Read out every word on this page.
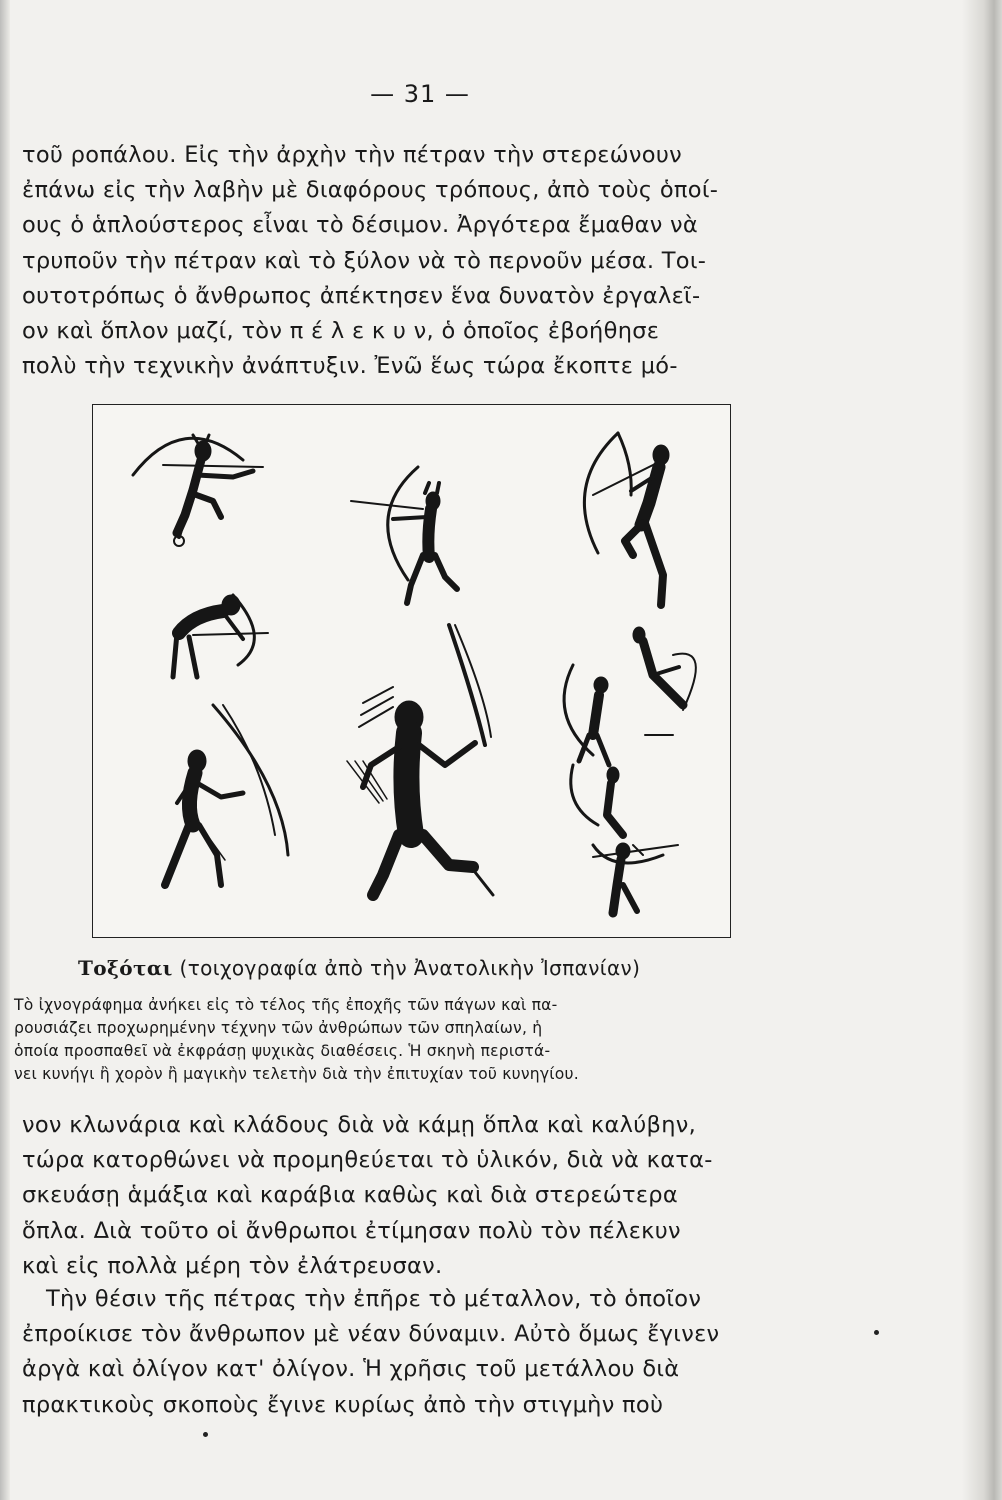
— 31 —
τοῦ ροπάλου. Εἰς τὴν ἀρχὴν τὴν πέτραν τὴν στερεώνουν
ἐπάνω εἰς τὴν λαβὴν μὲ διαφόρους τρόπους, ἀπὸ τοὺς ὁποί-
ους ὁ ἁπλούστερος εἶναι τὸ δέσιμον. Ἀργότερα ἔμαθαν νὰ
τρυποῦν τὴν πέτραν καὶ τὸ ξύλον νὰ τὸ περνοῦν μέσα. Τοι-
ουτοτρόπως ὁ ἄνθρωπος ἀπέκτησεν ἕνα δυνατὸν ἐργαλεῖ-
ον καὶ ὅπλον μαζί, τὸν π έ λ ε κ υ ν, ὁ ὁποῖος ἐβοήθησε
πολὺ τὴν τεχνικὴν ἀνάπτυξιν. Ἐνῶ ἕως τώρα ἔκοπτε μό-
Τοξόται (τοιχογραφία ἀπὸ τὴν Ἀνατολικὴν Ἰσπανίαν)
Τὸ ἰχνογράφημα ἀνήκει εἰς τὸ τέλος τῆς ἐποχῆς τῶν πάγων καὶ πα-
ρουσιάζει προχωρημένην τέχνην τῶν ἀνθρώπων τῶν σπηλαίων, ἡ
ὁποία προσπαθεῖ νὰ ἐκφράσῃ ψυχικὰς διαθέσεις. Ἡ σκηνὴ περιστά-
νει κυνήγι ἢ χορὸν ἢ μαγικὴν τελετὴν διὰ τὴν ἐπιτυχίαν τοῦ κυνηγίου.
νον κλωνάρια καὶ κλάδους διὰ νὰ κάμῃ ὅπλα καὶ καλύβην,
τώρα κατορθώνει νὰ προμηθεύεται τὸ ὑλικόν, διὰ νὰ κατα-
σκευάσῃ ἁμάξια καὶ καράβια καθὼς καὶ διὰ στερεώτερα
ὅπλα. Διὰ τοῦτο οἱ ἄνθρωποι ἐτίμησαν πολὺ τὸν πέλεκυν
καὶ εἰς πολλὰ μέρη τὸν ἐλάτρευσαν.
Τὴν θέσιν τῆς πέτρας τὴν ἐπῆρε τὸ μέταλλον, τὸ ὁποῖον
ἐπροίκισε τὸν ἄνθρωπον μὲ νέαν δύναμιν. Αὐτὸ ὅμως ἔγινεν
ἀργὰ καὶ ὀλίγον κατ' ὀλίγον. Ἡ χρῆσις τοῦ μετάλλου διὰ
πρακτικοὺς σκοποὺς ἔγινε κυρίως ἀπὸ τὴν στιγμὴν ποὺ
